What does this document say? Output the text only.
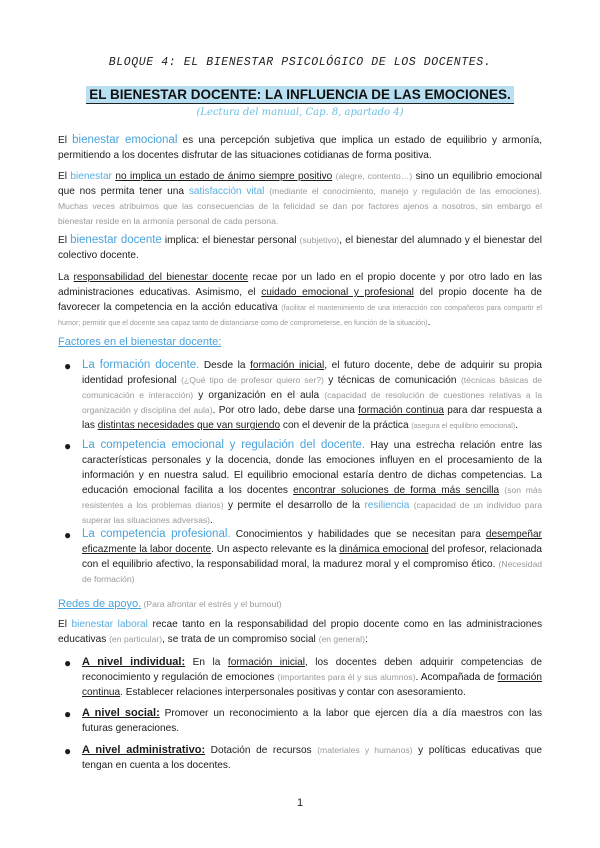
BLOQUE 4: EL BIENESTAR PSICOLÓGICO DE LOS DOCENTES.
EL BIENESTAR DOCENTE: LA INFLUENCIA DE LAS EMOCIONES.
(Lectura del manual, Cap. 8, apartado 4)
El bienestar emocional es una percepción subjetiva que implica un estado de equilibrio y armonía, permitiendo a los docentes disfrutar de las situaciones cotidianas de forma positiva.
El bienestar no implica un estado de ánimo siempre positivo (alegre, contento…) sino un equilibrio emocional que nos permita tener una satisfacción vital (mediante el conocimiento, manejo y regulación de las emociones). Muchas veces atribuimos que las consecuencias de la felicidad se dan por factores ajenos a nosotros, sin embargo el bienestar reside en la armonía personal de cada persona.
El bienestar docente implica: el bienestar personal (subjetivo), el bienestar del alumnado y el bienestar del colectivo docente.
La responsabilidad del bienestar docente recae por un lado en el propio docente y por otro lado en las administraciones educativas. Asimismo, el cuidado emocional y profesional del propio docente ha de favorecer la competencia en la acción educativa (facilitar el mantenimiento de una interacción con compañeros para compartir el humor; permitir que el docente sea capaz tanto de distanciarse como de comprometerse, en función de la situación).
Factores en el bienestar docente:
● La formación docente. Desde la formación inicial, el futuro docente, debe de adquirir su propia identidad profesional (¿Qué tipo de profesor quiero ser?) y técnicas de comunicación (técnicas básicas de comunicación e interacción) y organización en el aula (capacidad de resolución de cuestiones relativas a la organización y disciplina del aula). Por otro lado, debe darse una formación continua para dar respuesta a las distintas necesidades que van surgiendo con el devenir de la práctica (asegura el equilibrio emocional).
● La competencia emocional y regulación del docente. Hay una estrecha relación entre las características personales y la docencia, donde las emociones influyen en el procesamiento de la información y en nuestra salud. El equilibrio emocional estaría dentro de dichas competencias. La educación emocional facilita a los docentes encontrar soluciones de forma más sencilla (son más resistentes a los problemas diarios) y permite el desarrollo de la resiliencia (capacidad de un individuo para superar las situaciones adversas).
● La competencia profesional. Conocimientos y habilidades que se necesitan para desempeñar eficazmente la labor docente. Un aspecto relevante es la dinámica emocional del profesor, relacionada con el equilibrio afectivo, la responsabilidad moral, la madurez moral y el compromiso ético. (Necesidad de formación)
Redes de apoyo. (Para afrontar el estrés y el burnout)
El bienestar laboral recae tanto en la responsabilidad del propio docente como en las administraciones educativas (en particular), se trata de un compromiso social (en general):
● A nivel individual: En la formación inicial, los docentes deben adquirir competencias de reconocimiento y regulación de emociones (importantes para él y sus alumnos). Acompañada de formación continua. Establecer relaciones interpersonales positivas y contar con asesoramiento.
● A nivel social: Promover un reconocimiento a la labor que ejercen día a día maestros con las futuras generaciones.
● A nivel administrativo: Dotación de recursos (materiales y humanos) y políticas educativas que tengan en cuenta a los docentes.
1
